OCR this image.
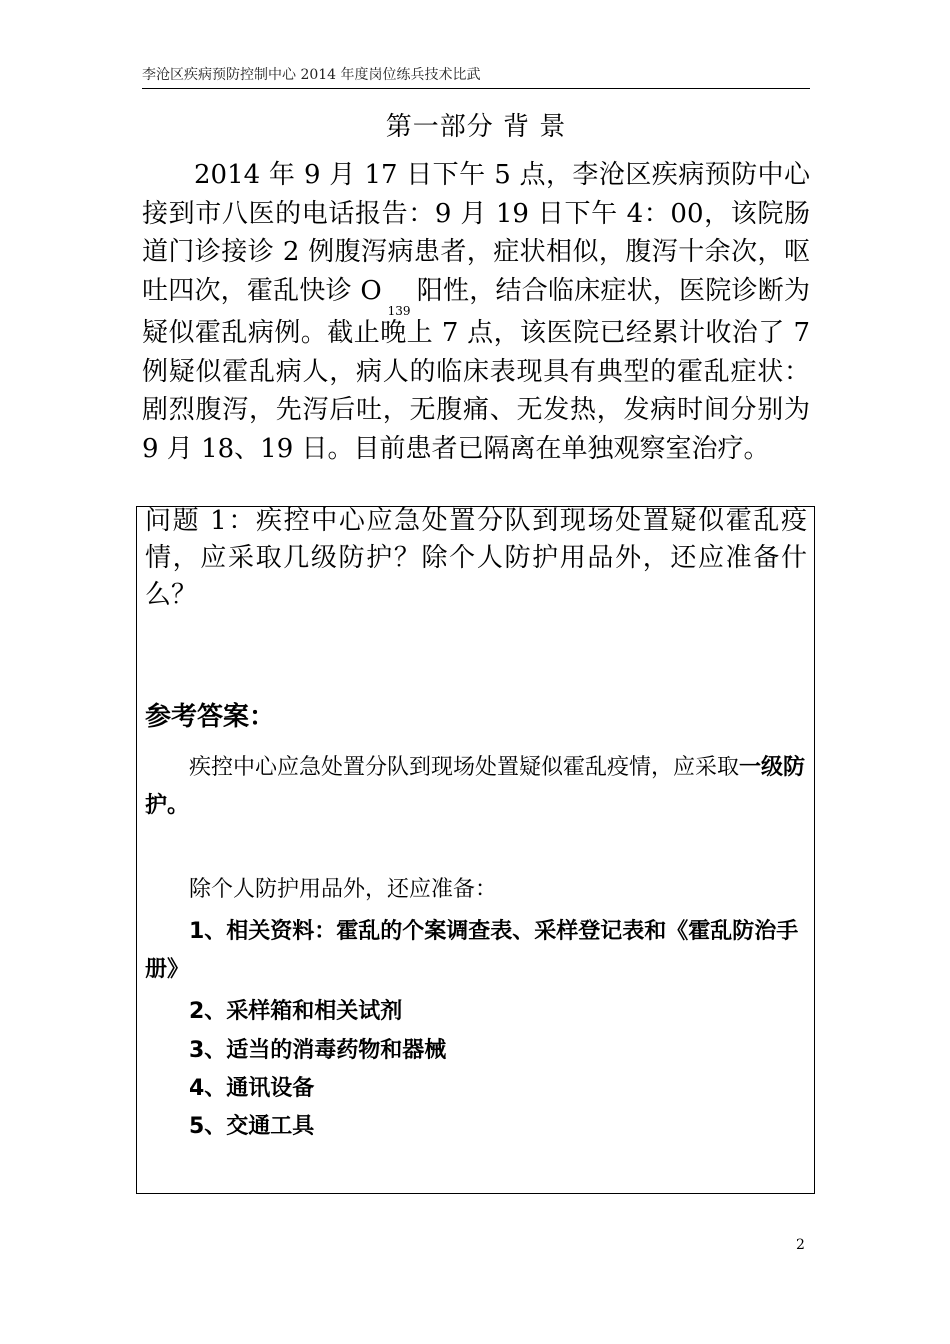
李沧区疾病预防控制中心 2014 年度岗位练兵技术比武
第一部分 背 景

2014 年 9 月 17 日下午 5 点，李沧区疾病预防中心接到市八医的电话报告：9 月 19 日下午 4：00，该院肠道门诊接诊 2 例腹泻病患者，症状相似，腹泻十余次，呕吐四次，霍乱快诊 $O_{139}$阳性，结合临床症状，医院诊断为疑似霍乱病例。截止晚上 7 点，该医院已经累计收治了 7 例疑似霍乱病人，病人的临床表现具有典型的霍乱症状：剧烈腹泻，先泻后吐，无腹痛、无发热，发病时间分别为 9 月 18、19 日。目前患者已隔离在单独观察室治疗。

问题 1：疾控中心应急处置分队到现场处置疑似霍乱疫情，应采取几级防护？除个人防护用品外，还应准备什么？

参考答案：

疾控中心应急处置分队到现场处置疑似霍乱疫情，应采取一级防护。

除个人防护用品外，还应准备：

1、相关资料：霍乱的个案调查表、采样登记表和《霍乱防治手册》

2、采样箱和相关试剂

3、适当的消毒药物和器械

4、通讯设备

5、交通工具

2
